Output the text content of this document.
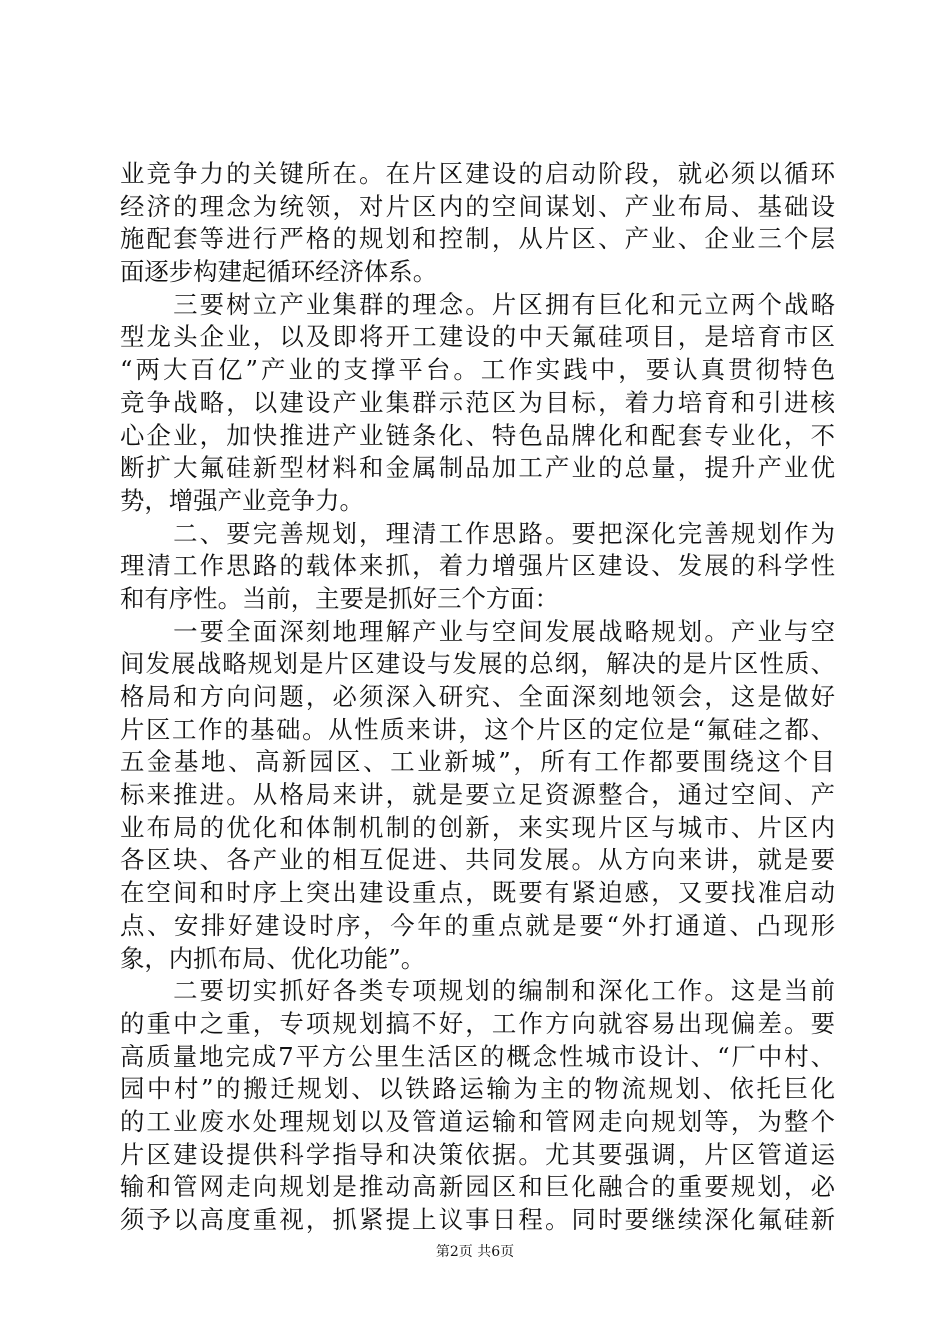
业竞争力的关键所在。在片区建设的启动阶段，就必须以循环
经济的理念为统领，对片区内的空间谋划、产业布局、基础设
施配套等进行严格的规划和控制，从片区、产业、企业三个层
面逐步构建起循环经济体系。
　　三要树立产业集群的理念。片区拥有巨化和元立两个战略
型龙头企业，以及即将开工建设的中天氟硅项目，是培育市区
“两大百亿”产业的支撑平台。工作实践中，要认真贯彻特色
竞争战略，以建设产业集群示范区为目标，着力培育和引进核
心企业，加快推进产业链条化、特色品牌化和配套专业化，不
断扩大氟硅新型材料和金属制品加工产业的总量，提升产业优
势，增强产业竞争力。
　　二、要完善规划，理清工作思路。要把深化完善规划作为
理清工作思路的载体来抓，着力增强片区建设、发展的科学性
和有序性。当前，主要是抓好三个方面：
　　一要全面深刻地理解产业与空间发展战略规划。产业与空
间发展战略规划是片区建设与发展的总纲，解决的是片区性质、
格局和方向问题，必须深入研究、全面深刻地领会，这是做好
片区工作的基础。从性质来讲，这个片区的定位是“氟硅之都、
五金基地、高新园区、工业新城”，所有工作都要围绕这个目
标来推进。从格局来讲，就是要立足资源整合，通过空间、产
业布局的优化和体制机制的创新，来实现片区与城市、片区内
各区块、各产业的相互促进、共同发展。从方向来讲，就是要
在空间和时序上突出建设重点，既要有紧迫感，又要找准启动
点、安排好建设时序，今年的重点就是要“外打通道、凸现形
象，内抓布局、优化功能”。
　　二要切实抓好各类专项规划的编制和深化工作。这是当前
的重中之重，专项规划搞不好，工作方向就容易出现偏差。要
高质量地完成7平方公里生活区的概念性城市设计、“厂中村、
园中村”的搬迁规划、以铁路运输为主的物流规划、依托巨化
的工业废水处理规划以及管道运输和管网走向规划等，为整个
片区建设提供科学指导和决策依据。尤其要强调，片区管道运
输和管网走向规划是推动高新园区和巨化融合的重要规划，必
须予以高度重视，抓紧提上议事日程。同时要继续深化氟硅新
第2页 共6页
